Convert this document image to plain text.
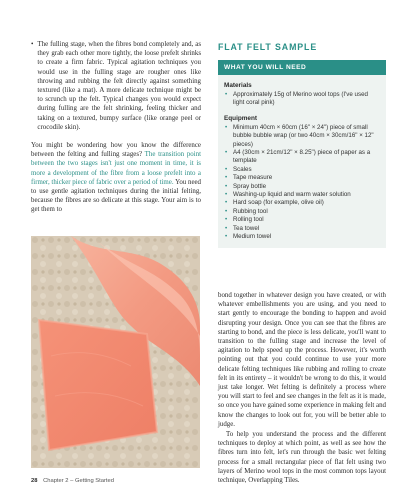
• The fulling stage, when the fibres bond completely and, as they grab each other more tightly, the loose prefelt shrinks to create a firm fabric. Typical agitation techniques you would use in the fulling stage are rougher ones like throwing and rubbing the felt directly against something textured (like a mat). A more delicate technique might be to scrunch up the felt. Typical changes you would expect during fulling are the felt shrinking, feeling thicker and taking on a textured, bumpy surface (like orange peel or crocodile skin).

You might be wondering how you know the difference between the felting and fulling stages? The transition point between the two stages isn't just one moment in time, it is more a development of the fibre from a loose prefelt into a firmer, thicker piece of fabric over a period of time. You need to use gentle agitation techniques during the initial felting, because the fibres are so delicate at this stage. Your aim is to get them to

FLAT FELT SAMPLE
WHAT YOU WILL NEED
Materials
• Approximately 15g of Merino wool tops (I've used light coral pink)
Equipment
• Minimum 40cm × 60cm (16" × 24") piece of small bubble bubble wrap (or two 40cm × 30cm/16" × 12" pieces)
• A4 (30cm × 21cm/12" × 8.25") piece of paper as a template
• Scales
• Tape measure
• Spray bottle
• Washing-up liquid and warm water solution
• Hard soap (for example, olive oil)
• Rubbing tool
• Rolling tool
• Tea towel
• Medium towel

bond together in whatever design you have created, or with whatever embellishments you are using, and you need to start gently to encourage the bonding to happen and avoid disrupting your design. Once you can see that the fibres are starting to bond, and the piece is less delicate, you'll want to transition to the fulling stage and increase the level of agitation to help speed up the process. However, it's worth pointing out that you could continue to use your more delicate felting techniques like rubbing and rolling to create felt in its entirety – it wouldn't be wrong to do this, it would just take longer. Wet felting is definitely a process where you will start to feel and see changes in the felt as it is made, so once you have gained some experience in making felt and know the changes to look out for, you will be better able to judge.

To help you understand the process and the different techniques to deploy at which point, as well as see how the fibres turn into felt, let's run through the basic wet felting process for a small rectangular piece of flat felt using two layers of Merino wool tops in the most common tops layout technique, Overlapping Tiles.

28 Chapter 2 – Getting Started
